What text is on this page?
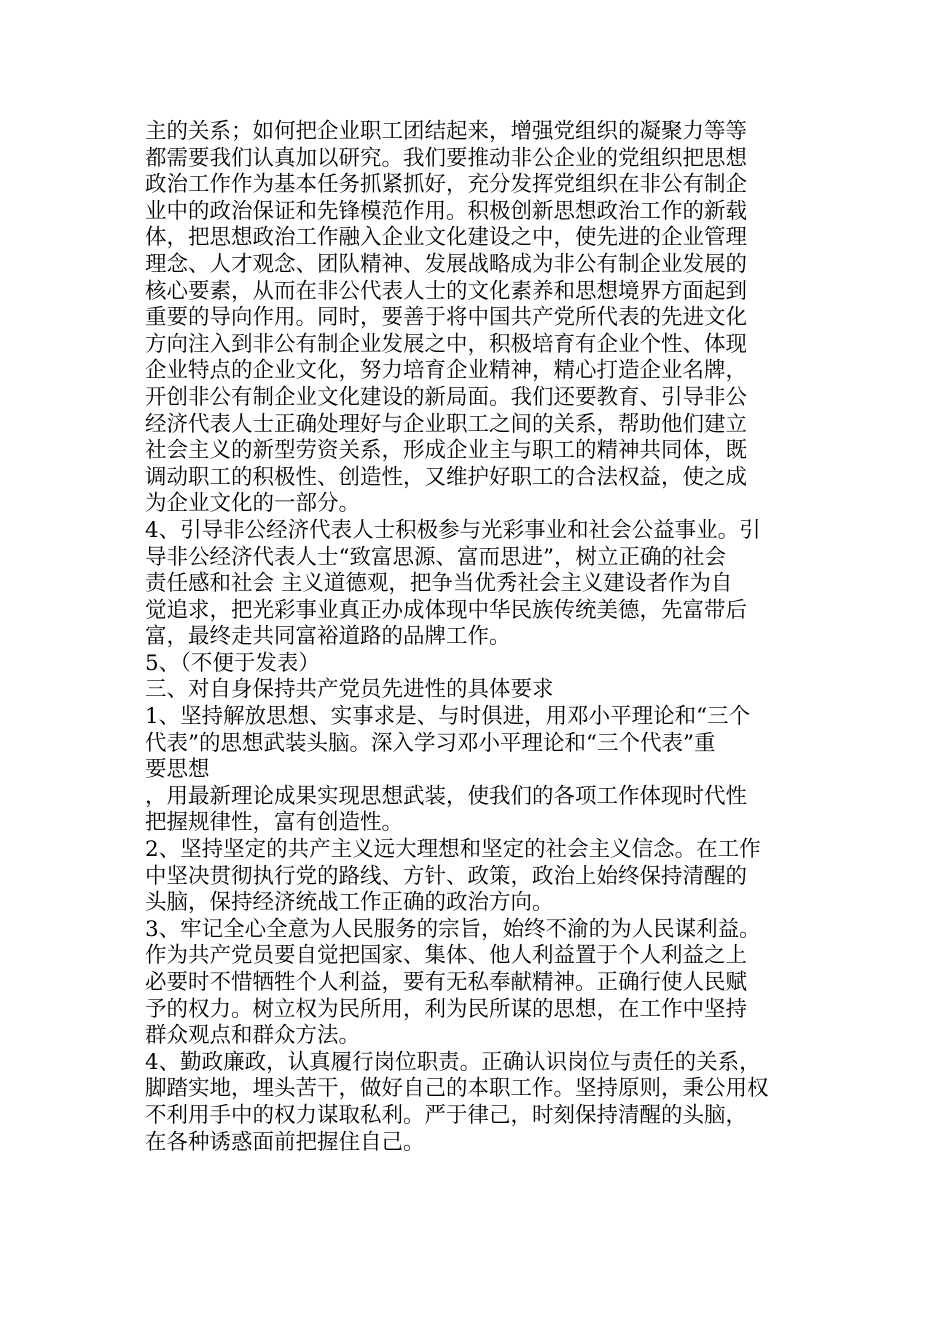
主的关系；如何把企业职工团结起来，增强党组织的凝聚力等等
都需要我们认真加以研究。我们要推动非公企业的党组织把思想
政治工作作为基本任务抓紧抓好，充分发挥党组织在非公有制企
业中的政治保证和先锋模范作用。积极创新思想政治工作的新载
体，把思想政治工作融入企业文化建设之中，使先进的企业管理
理念、人才观念、团队精神、发展战略成为非公有制企业发展的
核心要素，从而在非公代表人士的文化素养和思想境界方面起到
重要的导向作用。同时，要善于将中国共产党所代表的先进文化
方向注入到非公有制企业发展之中，积极培育有企业个性、体现
企业特点的企业文化，努力培育企业精神，精心打造企业名牌，
开创非公有制企业文化建设的新局面。我们还要教育、引导非公
经济代表人士正确处理好与企业职工之间的关系，帮助他们建立
社会主义的新型劳资关系，形成企业主与职工的精神共同体，既
调动职工的积极性、创造性，又维护好职工的合法权益，使之成
为企业文化的一部分。
4、引导非公经济代表人士积极参与光彩事业和社会公益事业。引
导非公经济代表人士“致富思源、富而思进”，树立正确的社会
责任感和社会 主义道德观，把争当优秀社会主义建设者作为自
觉追求，把光彩事业真正办成体现中华民族传统美德，先富带后
富，最终走共同富裕道路的品牌工作。
5、（不便于发表）
三、对自身保持共产党员先进性的具体要求
1、坚持解放思想、实事求是、与时俱进，用邓小平理论和“三个
代表”的思想武装头脑。深入学习邓小平理论和“三个代表”重
要思想
，用最新理论成果实现思想武装，使我们的各项工作体现时代性
把握规律性，富有创造性。
2、坚持坚定的共产主义远大理想和坚定的社会主义信念。在工作
中坚决贯彻执行党的路线、方针、政策，政治上始终保持清醒的
头脑，保持经济统战工作正确的政治方向。
3、牢记全心全意为人民服务的宗旨，始终不渝的为人民谋利益。
作为共产党员要自觉把国家、集体、他人利益置于个人利益之上
必要时不惜牺牲个人利益，要有无私奉献精神。正确行使人民赋
予的权力。树立权为民所用，利为民所谋的思想，在工作中坚持
群众观点和群众方法。
4、勤政廉政，认真履行岗位职责。正确认识岗位与责任的关系，
脚踏实地，埋头苦干，做好自己的本职工作。坚持原则，秉公用权
不利用手中的权力谋取私利。严于律己，时刻保持清醒的头脑，
在各种诱惑面前把握住自己。
